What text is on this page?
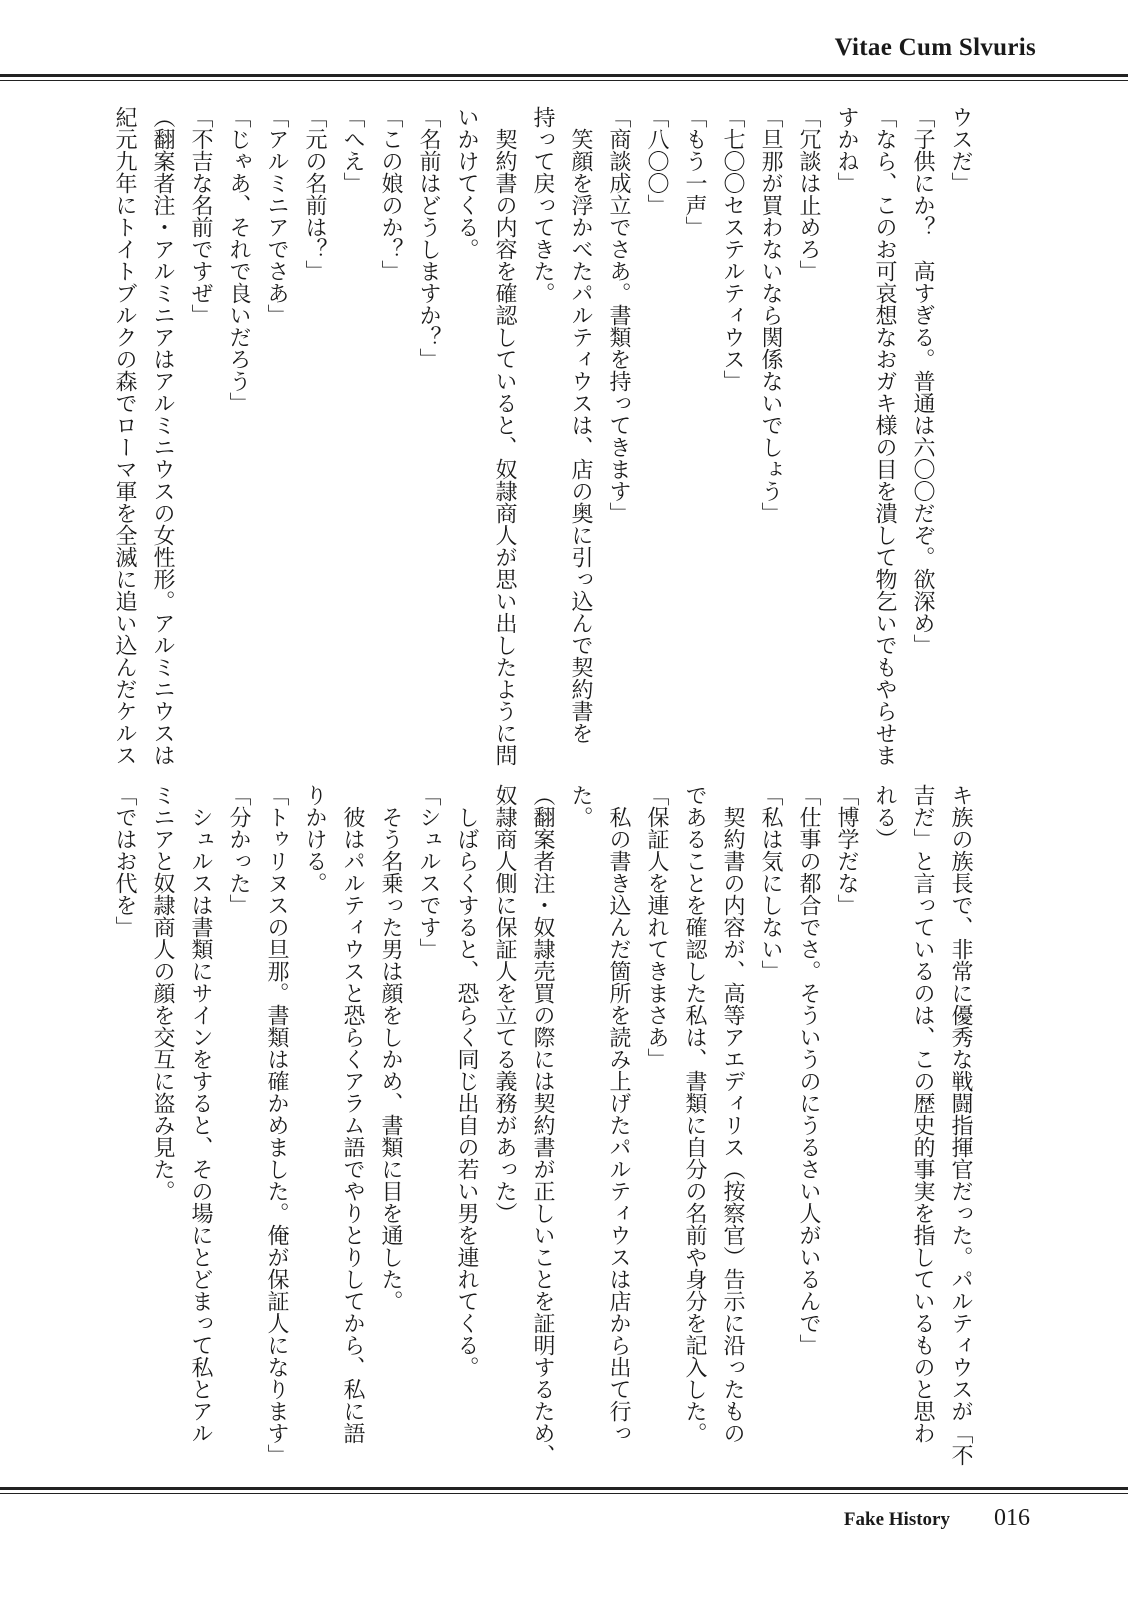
Vitae Cum Slvuris
ウスだ」
「子供にか？　高すぎる。普通は六〇〇だぞ。欲深め」
「なら、このお可哀想なおガキ様の目を潰して物乞いでもやらせま
すかね」
「冗談は止めろ」
「旦那が買わないなら関係ないでしょう」
「七〇〇セステルティウス」
「もう一声」
「八〇〇」
「商談成立でさあ。書類を持ってきます」
　笑顔を浮かべたパルティウスは、店の奥に引っ込んで契約書を
持って戻ってきた。
　契約書の内容を確認していると、奴隷商人が思い出したように問
いかけてくる。
「名前はどうしますか？」
「この娘のか？」
「へえ」
「元の名前は？」
「アルミニアでさあ」
「じゃあ、それで良いだろう」
「不吉な名前ですぜ」
（翻案者注・アルミニアはアルミニウスの女性形。アルミニウスは
紀元九年にトイトブルクの森でローマ軍を全滅に追い込んだケルス
キ族の族長で、非常に優秀な戦闘指揮官だった。パルティウスが「不
吉だ」と言っているのは、この歴史的事実を指しているものと思わ
れる）
「博学だな」
「仕事の都合でさ。そういうのにうるさい人がいるんで」
「私は気にしない」
　契約書の内容が、高等アエディリス（按察官）告示に沿ったもの
であることを確認した私は、書類に自分の名前や身分を記入した。
「保証人を連れてきまさあ」
　私の書き込んだ箇所を読み上げたパルティウスは店から出て行っ
た。
（翻案者注・奴隷売買の際には契約書が正しいことを証明するため、
奴隷商人側に保証人を立てる義務があった）
　しばらくすると、恐らく同じ出自の若い男を連れてくる。
「シュルスです」
　そう名乗った男は顔をしかめ、書類に目を通した。
　彼はパルティウスと恐らくアラム語でやりとりしてから、私に語
りかける。
「トゥリヌスの旦那。書類は確かめました。俺が保証人になります」
「分かった」
　シュルスは書類にサインをすると、その場にとどまって私とアル
ミニアと奴隷商人の顔を交互に盗み見た。
「ではお代を」
Fake History 016
